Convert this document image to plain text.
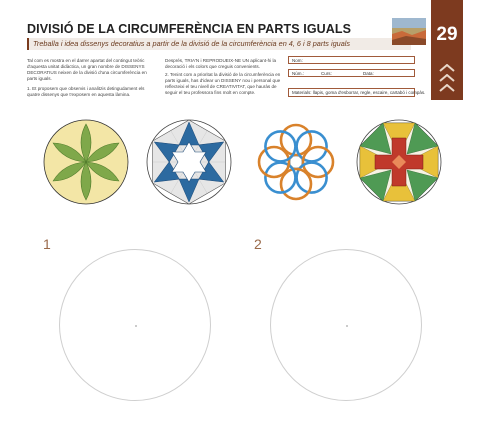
DIVISIÓ DE LA CIRCUMFERÈNCIA EN PARTS IGUALS
Treballa i idea dissenys decoratius a partir de la divisió de la circumferència en 4, 6 i 8 parts iguals	29
Tal com es mostra en el darrer apartat del contingut teòric d'aquesta unitat didàctica, un gran nombre de DISSENYS DECORATIUS neixen de la divisió d'una circumferència en parts iguals.
1. Et proposem que observis i analitzis detingudament els quatre dissenys que t'exposem en aquesta làmina.
Després, TRIA'N i REPRODUEIX-NE UN aplicant-hi la decoració i els colors que creguis convenients.
2. Tenint com a prioritat la divisió de la circumferència en parts iguals, has d'idear un DISSENY nou i personal que reflecteixi el teu nivell de CREATIVITAT, que hauràs de seguir el teu professora fins molt en compte.
Nom:
Núm.:	Curs:	Data:
Materials: llapis, goma d'esborrar, regle, escaire, cartabó i compàs.
1	2
